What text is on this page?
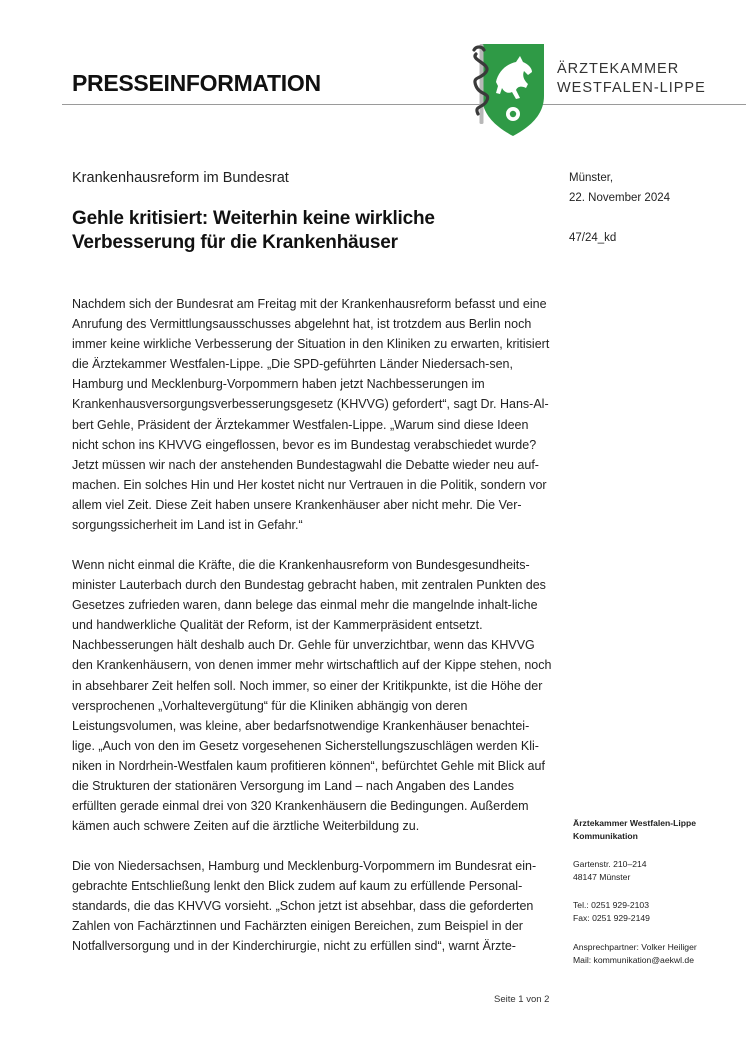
PRESSEINFORMATION
ÄRZTEKAMMER
WESTFALEN-LIPPE
Krankenhausreform im Bundesrat
Gehle kritisiert: Weiterhin keine wirkliche
Verbesserung für die Krankenhäuser
Münster,
22. November 2024
47/24_kd

Nachdem sich der Bundesrat am Freitag mit der Krankenhausreform befasst und eine Anrufung des Vermittlungsausschusses abgelehnt hat, ist trotzdem aus Berlin noch immer keine wirkliche Verbesserung der Situation in den Kliniken zu erwarten, kritisiert die Ärztekammer Westfalen-Lippe. „Die SPD-geführten Länder Niedersach-sen, Hamburg und Mecklenburg-Vorpommern haben jetzt Nachbesserungen im Krankenhausversorgungsverbesserungsgesetz (KHVVG) gefordert“, sagt Dr. Hans-Al-bert Gehle, Präsident der Ärztekammer Westfalen-Lippe. „Warum sind diese Ideen nicht schon ins KHVVG eingeflossen, bevor es im Bundestag verabschiedet wurde? Jetzt müssen wir nach der anstehenden Bundestagwahl die Debatte wieder neu auf-machen. Ein solches Hin und Her kostet nicht nur Vertrauen in die Politik, sondern vor allem viel Zeit. Diese Zeit haben unsere Krankenhäuser aber nicht mehr. Die Ver-sorgungssicherheit im Land ist in Gefahr.“

Wenn nicht einmal die Kräfte, die die Krankenhausreform von Bundesgesundheits-minister Lauterbach durch den Bundestag gebracht haben, mit zentralen Punkten des Gesetzes zufrieden waren, dann belege das einmal mehr die mangelnde inhalt-liche und handwerkliche Qualität der Reform, ist der Kammerpräsident entsetzt. Nachbesserungen hält deshalb auch Dr. Gehle für unverzichtbar, wenn das KHVVG den Krankenhäusern, von denen immer mehr wirtschaftlich auf der Kippe stehen, noch in absehbarer Zeit helfen soll. Noch immer, so einer der Kritikpunkte, ist die Höhe der versprochenen „Vorhaltevergütung“ für die Kliniken abhängig von deren Leistungsvolumen, was kleine, aber bedarfsnotwendige Krankenhäuser benachtei-lige. „Auch von den im Gesetz vorgesehenen Sicherstellungszuschlägen werden Kli-niken in Nordrhein-Westfalen kaum profitieren können“, befürchtet Gehle mit Blick auf die Strukturen der stationären Versorgung im Land – nach Angaben des Landes erfüllten gerade einmal drei von 320 Krankenhäusern die Bedingungen. Außerdem kämen auch schwere Zeiten auf die ärztliche Weiterbildung zu.

Die von Niedersachsen, Hamburg und Mecklenburg-Vorpommern im Bundesrat ein-gebrachte Entschließung lenkt den Blick zudem auf kaum zu erfüllende Personal-standards, die das KHVVG vorsieht. „Schon jetzt ist absehbar, dass die geforderten Zahlen von Fachärztinnen und Fachärzten einigen Bereichen, zum Beispiel in der Notfallversorgung und in der Kinderchirurgie, nicht zu erfüllen sind“, warnt Ärzte-

Ärztekammer Westfalen-Lippe
Kommunikation
Gartenstr. 210–214
48147 Münster
Tel.: 0251 929-2103
Fax: 0251 929-2149
Ansprechpartner: Volker Heiliger
Mail: kommunikation@aekwl.de
Seite 1 von 2
